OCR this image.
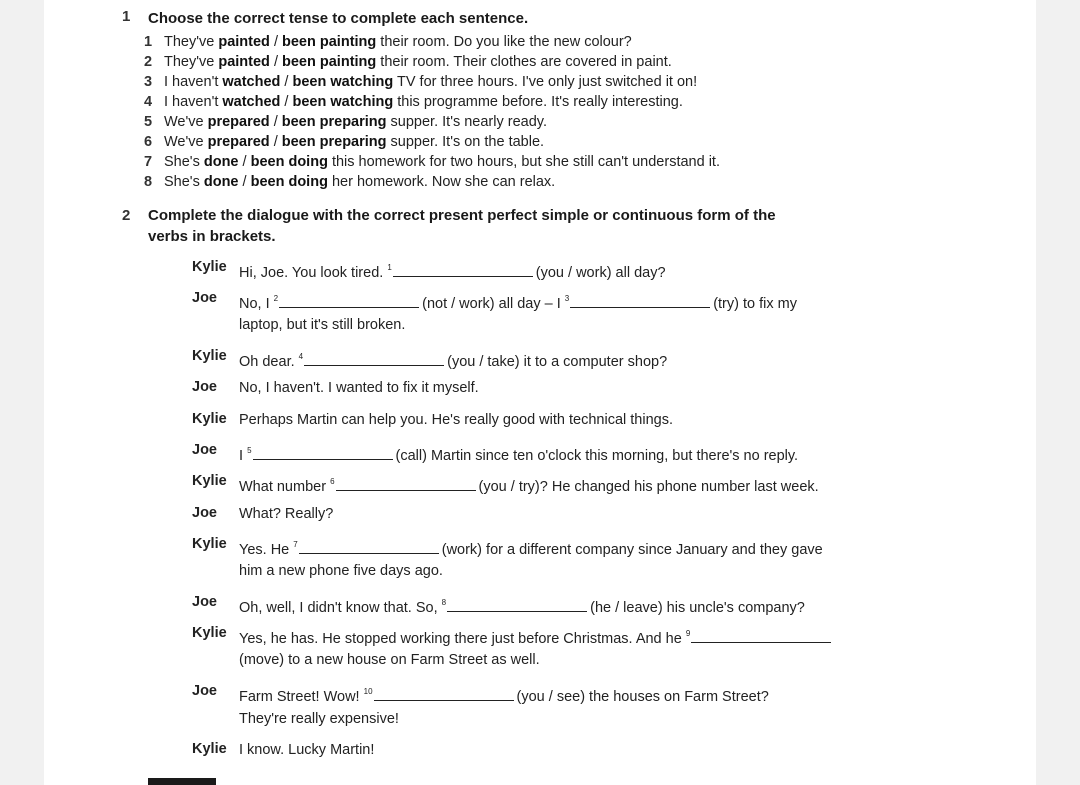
1 Choose the correct tense to complete each sentence.
1 They've painted / been painting their room. Do you like the new colour?
2 They've painted / been painting their room. Their clothes are covered in paint.
3 I haven't watched / been watching TV for three hours. I've only just switched it on!
4 I haven't watched / been watching this programme before. It's really interesting.
5 We've prepared / been preparing supper. It's nearly ready.
6 We've prepared / been preparing supper. It's on the table.
7 She's done / been doing this homework for two hours, but she still can't understand it.
8 She's done / been doing her homework. Now she can relax.
2 Complete the dialogue with the correct present perfect simple or continuous form of the verbs in brackets.
Kylie Hi, Joe. You look tired. $^1$	(you / work) all day?
Joe No, I $^2$	(not / work) all day – I $^3$	(try) to fix my
laptop, but it's still broken.
Kylie Oh dear. $^4$	(you / take) it to a computer shop?
Joe No, I haven't. I wanted to fix it myself.
Kylie Perhaps Martin can help you. He's really good with technical things.
Joe I $^5$	(call) Martin since ten o'clock this morning, but there's no reply.
Kylie What number $^6$	(you / try)? He changed his phone number last week.
Joe What? Really?
Kylie Yes. He $^7$	(work) for a different company since January and they gave
him a new phone five days ago.
Joe Oh, well, I didn't know that. So, $^8$	(he / leave) his uncle's company?
Kylie Yes, he has. He stopped working there just before Christmas. And he $^9$
(move) to a new house on Farm Street as well.
Joe Farm Street! Wow! $^{10}$	(you / see) the houses on Farm Street?
They're really expensive!
Kylie I know. Lucky Martin!
